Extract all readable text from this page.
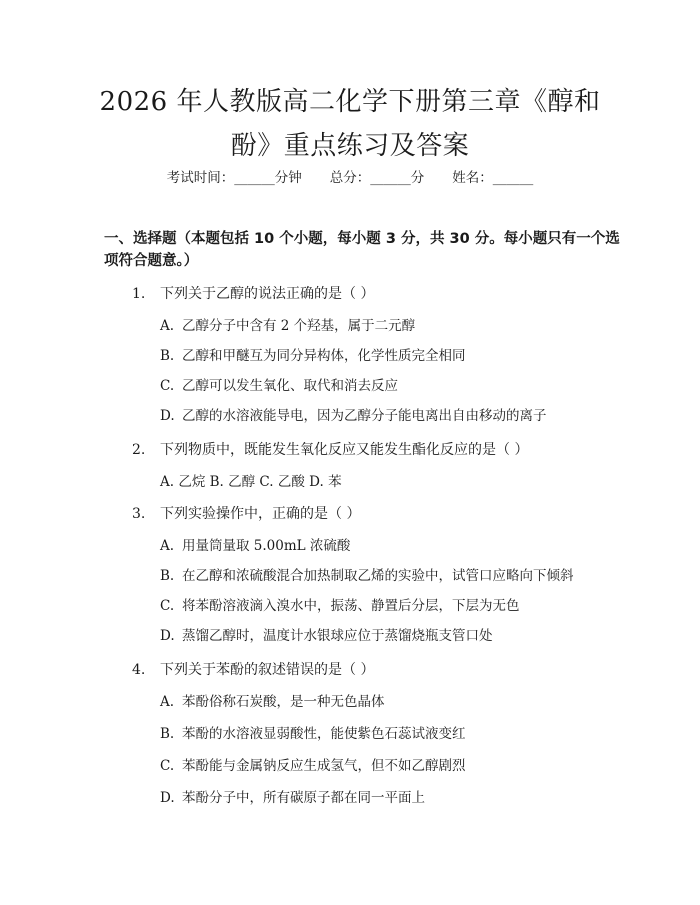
2026 年人教版高二化学下册第三章《醇和
酚》重点练习及答案
考试时间：______分钟 总分：______分 姓名：______
一、选择题（本题包括 10 个小题，每小题 3 分，共 30 分。每小题只有一个选项符合题意。）
1. 下列关于乙醇的说法正确的是（ ）
A. 乙醇分子中含有 2 个羟基，属于二元醇
B. 乙醇和甲醚互为同分异构体，化学性质完全相同
C. 乙醇可以发生氧化、取代和消去反应
D. 乙醇的水溶液能导电，因为乙醇分子能电离出自由移动的离子
2. 下列物质中，既能发生氧化反应又能发生酯化反应的是（ ）
A. 乙烷 B. 乙醇 C. 乙酸 D. 苯
3. 下列实验操作中，正确的是（ ）
A. 用量筒量取 5.00mL 浓硫酸
B. 在乙醇和浓硫酸混合加热制取乙烯的实验中，试管口应略向下倾斜
C. 将苯酚溶液滴入溴水中，振荡、静置后分层，下层为无色
D. 蒸馏乙醇时，温度计水银球应位于蒸馏烧瓶支管口处
4. 下列关于苯酚的叙述错误的是（ ）
A. 苯酚俗称石炭酸，是一种无色晶体
B. 苯酚的水溶液显弱酸性，能使紫色石蕊试液变红
C. 苯酚能与金属钠反应生成氢气，但不如乙醇剧烈
D. 苯酚分子中，所有碳原子都在同一平面上
